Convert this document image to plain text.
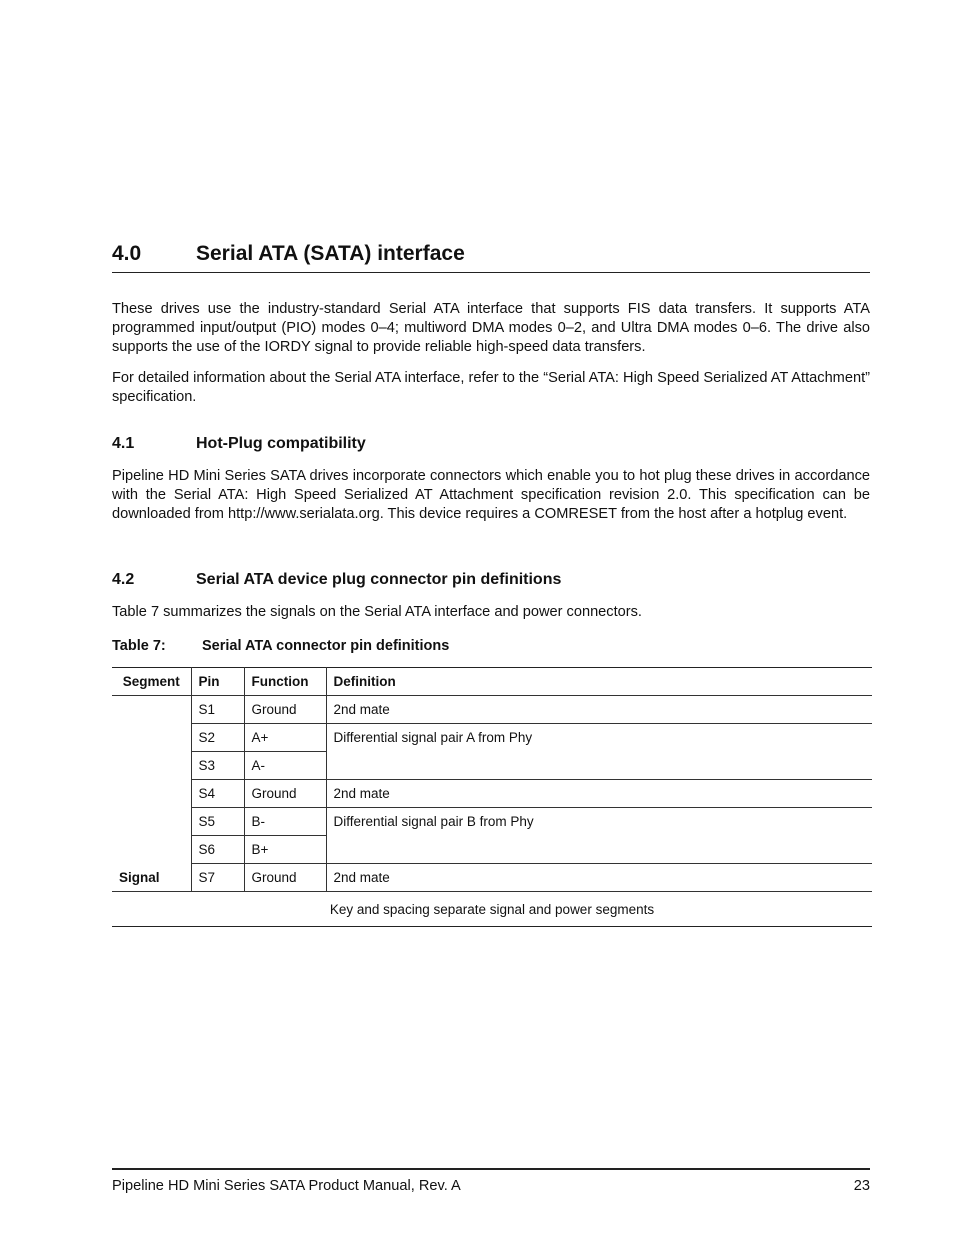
4.0	Serial ATA (SATA) interface

These drives use the industry-standard Serial ATA interface that supports FIS data transfers. It supports ATA programmed input/output (PIO) modes 0–4; multiword DMA modes 0–2, and Ultra DMA modes 0–6. The drive also supports the use of the IORDY signal to provide reliable high-speed data transfers.

For detailed information about the Serial ATA interface, refer to the “Serial ATA: High Speed Serialized AT Attachment” specification.

4.1	Hot-Plug compatibility

Pipeline HD Mini Series SATA drives incorporate connectors which enable you to hot plug these drives in accordance with the Serial ATA: High Speed Serialized AT Attachment specification revision 2.0. This specification can be downloaded from http://www.serialata.org. This device requires a COMRESET from the host after a hotplug event.

4.2	Serial ATA device plug connector pin definitions

Table 7 summarizes the signals on the Serial ATA interface and power connectors.

Table 7:	Serial ATA connector pin definitions
Segment	Pin	Function	Definition
Signal	S1	Ground	2nd mate
	S2	A+	Differential signal pair A from Phy
	S3	A-	
	S4	Ground	2nd mate
	S5	B-	Differential signal pair B from Phy
	S6	B+	
	S7	Ground	2nd mate
Key and spacing separate signal and power segments			
Pipeline HD Mini Series SATA Product Manual, Rev. A	23
